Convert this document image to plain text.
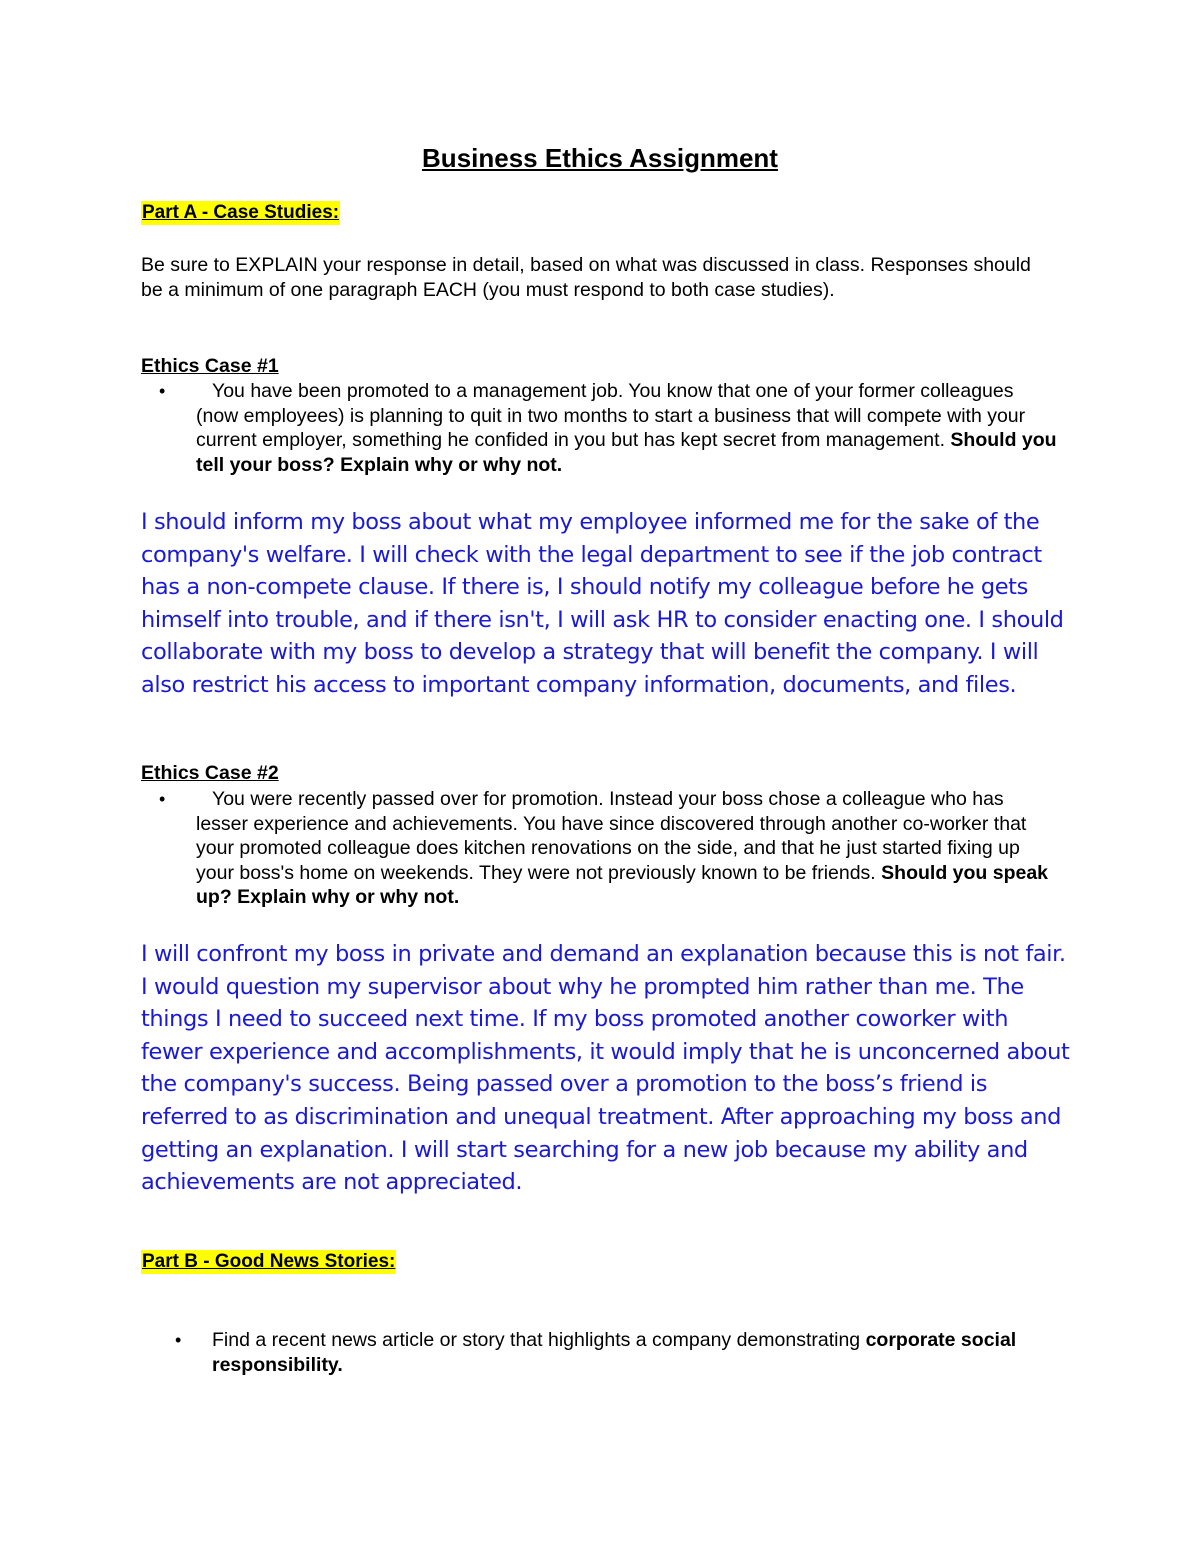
Business Ethics Assignment
Part A - Case Studies:
Be sure to EXPLAIN your response in detail, based on what was discussed in class. Responses should be a minimum of one paragraph EACH (you must respond to both case studies).
Ethics Case #1
•	You have been promoted to a management job. You know that one of your former colleagues (now employees) is planning to quit in two months to start a business that will compete with your current employer, something he confided in you but has kept secret from management. Should you tell your boss? Explain why or why not.
I should inform my boss about what my employee informed me for the sake of the company's welfare. I will check with the legal department to see if the job contract has a non-compete clause. If there is, I should notify my colleague before he gets himself into trouble, and if there isn't, I will ask HR to consider enacting one. I should collaborate with my boss to develop a strategy that will benefit the company. I will also restrict his access to important company information, documents, and files.
Ethics Case #2
•	You were recently passed over for promotion. Instead your boss chose a colleague who has lesser experience and achievements. You have since discovered through another co-worker that your promoted colleague does kitchen renovations on the side, and that he just started fixing up your boss's home on weekends. They were not previously known to be friends. Should you speak up? Explain why or why not.
I will confront my boss in private and demand an explanation because this is not fair. I would question my supervisor about why he prompted him rather than me. The things I need to succeed next time. If my boss promoted another coworker with fewer experience and accomplishments, it would imply that he is unconcerned about the company's success. Being passed over a promotion to the boss’s friend is referred to as discrimination and unequal treatment. After approaching my boss and getting an explanation. I will start searching for a new job because my ability and achievements are not appreciated.
Part B - Good News Stories:
•	Find a recent news article or story that highlights a company demonstrating corporate social responsibility.
